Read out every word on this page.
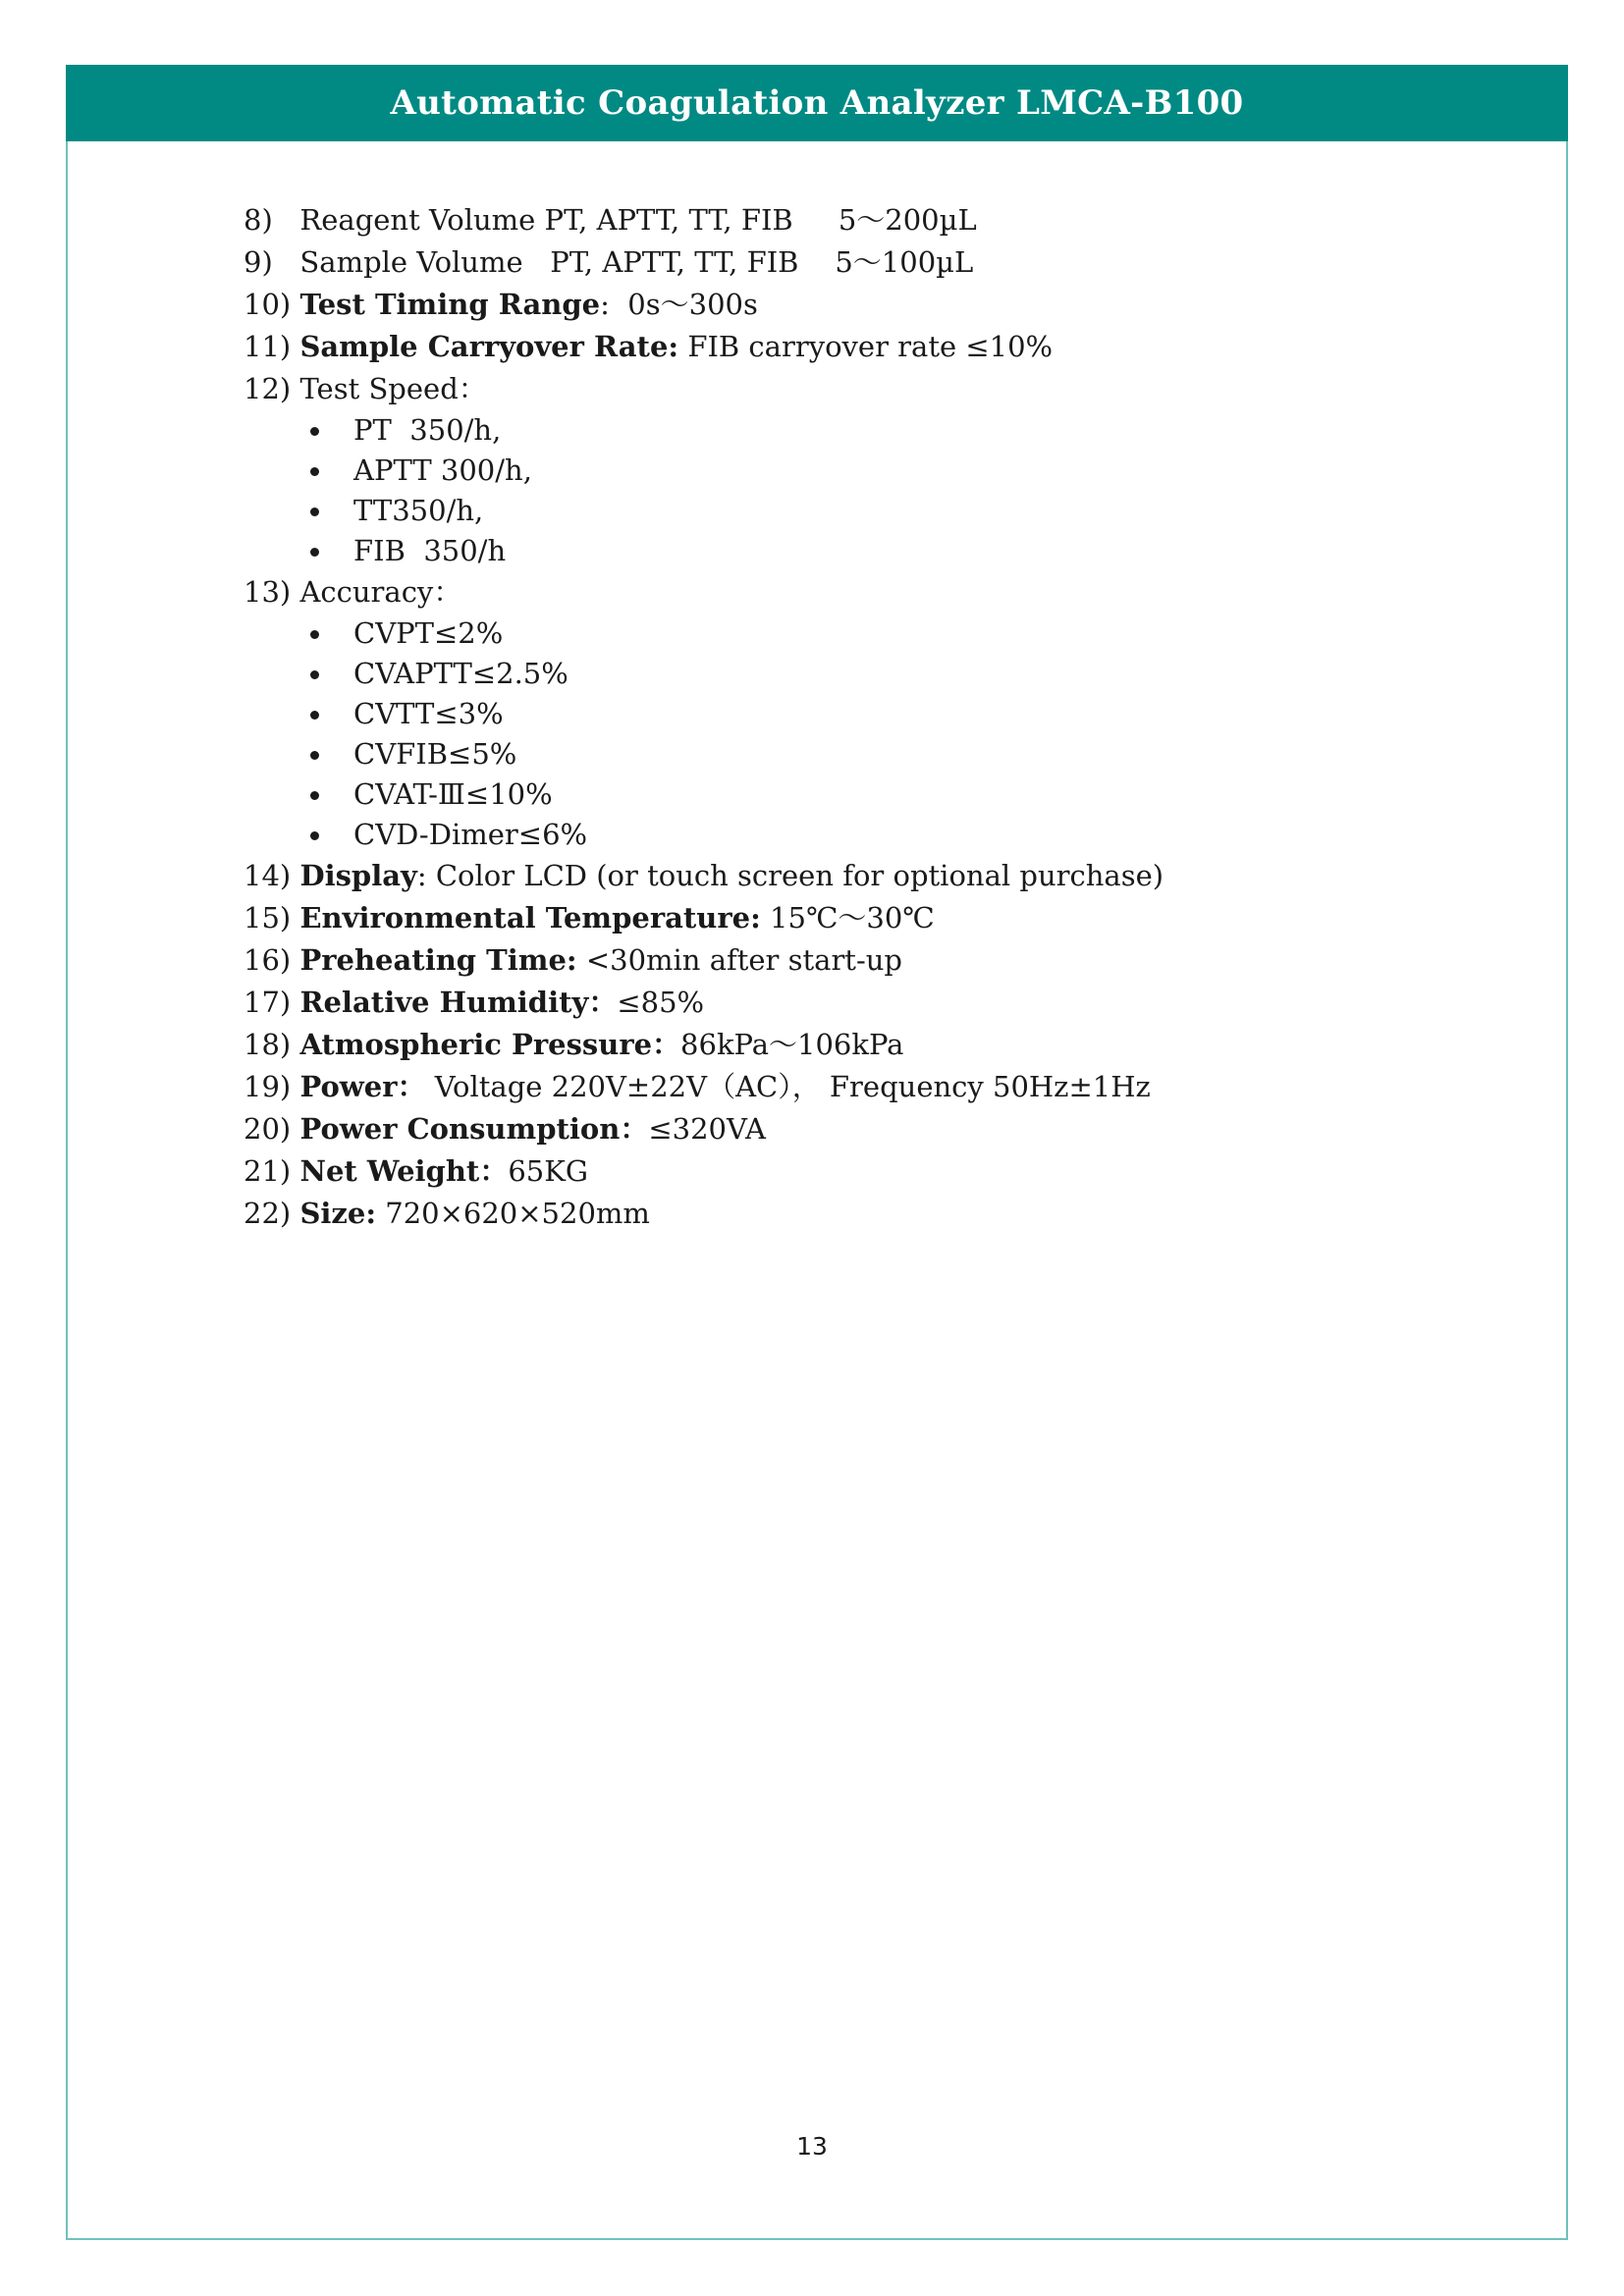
Automatic Coagulation Analyzer LMCA-B100
8) Reagent Volume PT, APTT, TT, FIB     5～200µL
9) Sample Volume   PT, APTT, TT, FIB    5～100µL
10) Test Timing Range:  0s～300s
11) Sample Carryover Rate: FIB carryover rate ≤10%
12) Test Speed：
PT  350/h,
APTT 300/h,
TT350/h,
FIB  350/h
13) Accuracy：
CVPT≤2%
CVAPTT≤2.5%
CVTT≤3%
CVFIB≤5%
CVAT-Ⅲ≤10%
CVD-Dimer≤6%
14) Display: Color LCD (or touch screen for optional purchase)
15) Environmental Temperature: 15℃～30℃
16) Preheating Time: <30min after start-up
17) Relative Humidity：≤85%
18) Atmospheric Pressure：86kPa～106kPa
19) Power： Voltage 220V±22V（AC）， Frequency 50Hz±1Hz
20) Power Consumption：≤320VA
21) Net Weight：65KG
22) Size: 720×620×520mm
13
